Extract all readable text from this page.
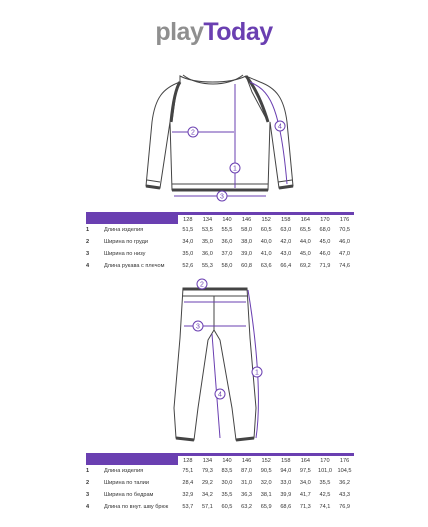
playToday
1
2
3
4
		128	134	140	146	152	158	164	170	176
1	Длина изделия	51,5	53,5	55,5	58,0	60,5	63,0	65,5	68,0	70,5
2	Ширина по груди	34,0	35,0	36,0	38,0	40,0	42,0	44,0	45,0	46,0
3	Ширина по низу	35,0	36,0	37,0	39,0	41,0	43,0	45,0	46,0	47,0
4	Длина рукава с плечом	52,6	55,3	58,0	60,8	63,6	66,4	69,2	71,9	74,6
1
2
3
4
		128	134	140	146	152	158	164	170	176
1	Длина изделия	75,1	79,3	83,5	87,0	90,5	94,0	97,5	101,0	104,5
2	Ширина по талии	28,4	29,2	30,0	31,0	32,0	33,0	34,0	35,5	36,2
3	Ширина по бедрам	32,9	34,2	35,5	36,3	38,1	39,9	41,7	42,5	43,3
4	Длина по внут. шву брюк	53,7	57,1	60,5	63,2	65,9	68,6	71,3	74,1	76,9
